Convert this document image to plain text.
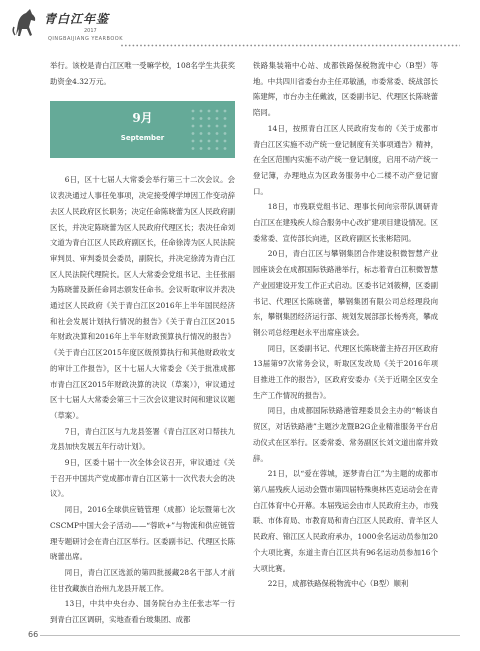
青白江年鉴
2017
QINGBAIJIANG YEARBOOK

举行。该校是青白江区唯一受嘛学校，108名学生共获奖助资金4.32万元。

9月
September

6日，区十七届人大常委会举行第三十二次会议。会议表决通过人事任免事项，决定接受傅学坤因工作变动辞去区人民政府区长职务；决定任命陈晓蕾为区人民政府副区长，并决定陈晓蕾为区人民政府代理区长；表决任命刘文道为青白江区人民政府副区长，任命徐涛为区人民法院审判员、审判委员会委员，副院长，并决定徐涛为青白江区人民法院代理院长。区人大常委会党组书记、主任张丽为陈晓蕾及新任命同志颁发任命书。会议听取审议并表决通过区人民政府《关于青白江区2016年上半年国民经济和社会发展计划执行情况的报告》《关于青白江区2015年财政决算和2016年上半年财政预算执行情况的报告》《关于青白江区2015年度区级预算执行和其他财政收支的审计工作报告》，区十七届人大常委会《关于批准成都市青白江区2015年财政决算的决议（草案）》，审议通过区十七届人大常委会第三十三次会议建议时间和建议议题（草案）。

7日，青白江区与九龙县签署《青白江区对口帮扶九龙县加快发展五年行动计划》。

9日，区委十届十一次全体会议召开，审议通过《关于召开中国共产党成都市青白江区第十一次代表大会的决议》。

同日，2016全球供应链管理（成都）论坛暨第七次CSCMP中国大会子活动——“蓉欧+”与物流和供应链管理专题研讨会在青白江区举行。区委副书记、代理区长陈晓蕾出席。

同日，青白江区选派的第四批援藏28名干部人才前往甘孜藏族自治州九龙县开展工作。

13日，中共中央台办、国务院台办主任张志军一行到青白江区调研，实地查看台玻集团、成都

铁路集装箱中心站、成都铁路保税物流中心（B型）等地。中共四川省委台办主任邓敏涵，市委常委、统战部长陈建辉，市台办主任戴波，区委副书记、代理区长陈晓蕾陪同。

14日，按照青白江区人民政府发布的《关于成都市青白江区实施不动产统一登记制度有关事项通告》精神，在全区范围内实施不动产统一登记制度，启用不动产统一登记簿，办理地点为区政务服务中心二楼不动产登记窗口。

18日，市残联党组书记、理事长何向宗带队调研青白江区在建残疾人综合服务中心改扩建项目建设情况。区委常委、宣传部长向进，区政府副区长张彬陪同。

20日，青白江区与攀钢集团合作建设积微智慧产业园座谈会在成都国际铁路港举行，标志着青白江积微智慧产业园建设开发工作正式启动。区委书记刘筱柳，区委副书记、代理区长陈晓蕾，攀钢集团有限公司总经理段向东，攀钢集团经济运行部、规划发展部部长杨秀亮，攀成钢公司总经理赵永平出席座谈会。

同日，区委副书记、代理区长陈晓蕾主持召开区政府13届第97次常务会议，听取区发改局《关于2016年项目推进工作的报告》，区政府安委办《关于近期全区安全生产工作情况的报告》。

同日，由成都国际铁路港管理委员会主办的“畅谈自贸区，对话铁路港”主题沙龙暨B2G企业精准服务平台启动仪式在区举行。区委常委、常务副区长刘文道出席并致辞。

21日，以“爱在蓉城，逐梦青白江”为主题的成都市第八届残疾人运动会暨市第四届特殊奥林匹克运动会在青白江体育中心开幕。本届残运会由市人民政府主办，市残联、市体育局、市教育局和青白江区人民政府、青羊区人民政府、锦江区人民政府承办，1000余名运动员参加20个大项比赛，东道主青白江区共有96名运动员参加16个大项比赛。

22日，成都铁路保税物流中心（B型）顺利

66
